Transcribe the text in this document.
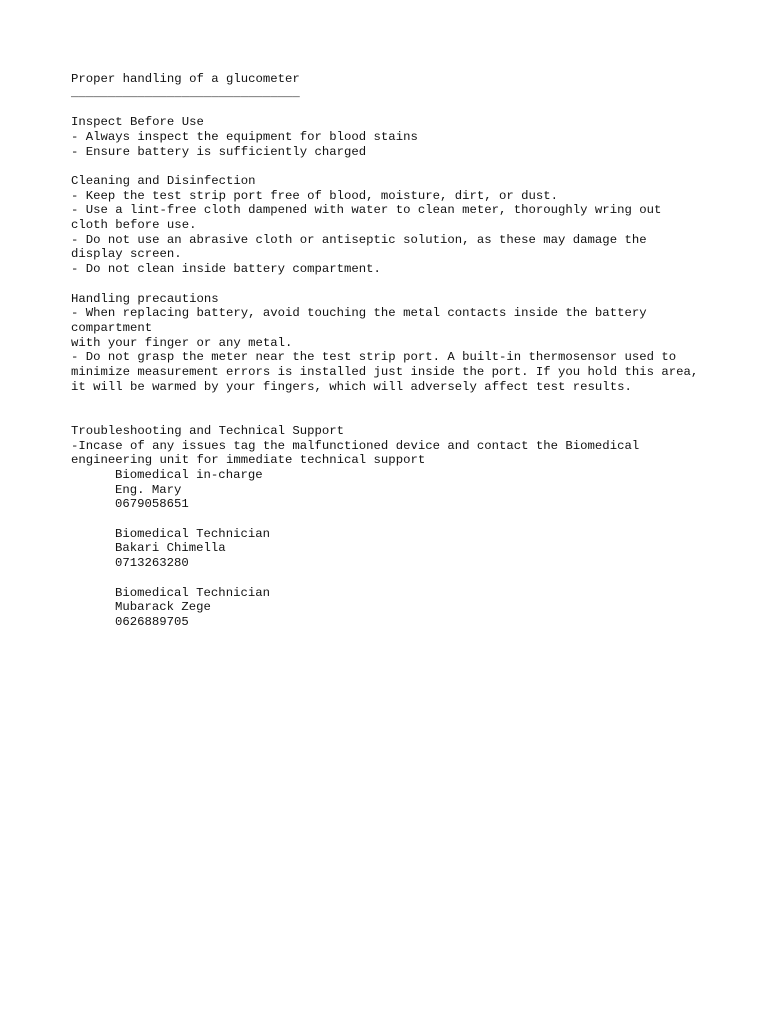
Proper handling of a glucometer
_______________________________
Inspect Before Use
- Always inspect the equipment for blood stains
- Ensure battery is sufficiently charged
Cleaning and Disinfection
- Keep the test strip port free of blood, moisture, dirt, or dust.
- Use a lint-free cloth dampened with water to clean meter, thoroughly wring out cloth before use.
- Do not use an abrasive cloth or antiseptic solution, as these may damage the display screen.
- Do not clean inside battery compartment.
Handling precautions
- When replacing battery, avoid touching the metal contacts inside the battery compartment
with your finger or any metal.
- Do not grasp the meter near the test strip port. A built-in thermosensor used to minimize measurement errors is installed just inside the port. If you hold this area, it will be warmed by your fingers, which will adversely affect test results.
Troubleshooting and Technical Support
-Incase of any issues tag the malfunctioned device and contact the Biomedical engineering unit for immediate technical support
Biomedical in-charge
Eng. Mary
0679058651
Biomedical Technician
Bakari Chimella
0713263280
Biomedical Technician
Mubarack Zege
0626889705
